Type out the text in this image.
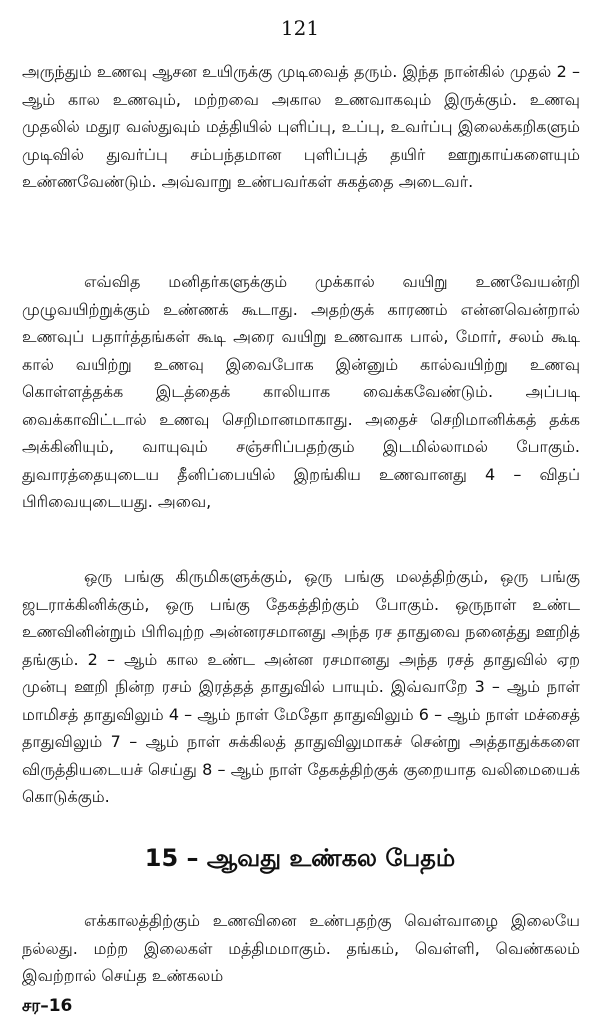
121

அருந்தும் உணவு ஆசன உயிருக்கு முடிவைத் தரும். இந்த நான்கில் முதல் 2 – ஆம் கால உணவும், மற்றவை அகால உணவாகவும் இருக்கும். உணவு முதலில் மதுர வஸ்துவும் மத்தியில் புளிப்பு, உப்பு, உவர்ப்பு இலைக்கறிகளும் முடிவில் துவர்ப்பு சம்பந்தமான புளிப்புத் தயிர் ஊறுகாய்களையும் உண்ணவேண்டும். அவ்வாறு உண்பவர்கள் சுகத்தை அடைவர்.

எவ்வித மனிதர்களுக்கும் முக்கால் வயிறு உணவேயன்றி முழுவயிற்றுக்கும் உண்ணக் கூடாது. அதற்குக் காரணம் என்னவென்றால் உணவுப் பதார்த்தங்கள் கூடி அரை வயிறு உணவாக பால், மோர், சலம் கூடி கால் வயிற்று உணவு இவைபோக இன்னும் கால்வயிற்று உணவு கொள்ளத்தக்க இடத்தைக் காலியாக வைக்கவேண்டும். அப்படி வைக்காவிட்டால் உணவு செறிமானமாகாது. அதைச் செறிமானிக்கத் தக்க அக்கினியும், வாயுவும் சஞ்சரிப்பதற்கும் இடமில்லாமல் போகும். துவாரத்தையுடைய தீனிப்பையில் இறங்கிய உணவானது 4 – விதப் பிரிவையுடையது. அவை,

ஒரு பங்கு கிருமிகளுக்கும், ஒரு பங்கு மலத்திற்கும், ஒரு பங்கு ஜடராக்கினிக்கும், ஒரு பங்கு தேகத்திற்கும் போகும். ஒருநாள் உண்ட உணவினின்றும் பிரிவுற்ற அன்னரசமானது அந்த ரச தாதுவை நனைத்து ஊறித் தங்கும். 2 – ஆம் கால உண்ட அன்ன ரசமானது அந்த ரசத் தாதுவில் ஏற முன்பு ஊறி நின்ற ரசம் இரத்தத் தாதுவில் பாயும். இவ்வாறே 3 – ஆம் நாள் மாமிசத் தாதுவிலும் 4 – ஆம் நாள் மேதோ தாதுவிலும் 6 – ஆம் நாள் மச்சைத் தாதுவிலும் 7 – ஆம் நாள் சுக்கிலத் தாதுவிலுமாகச் சென்று அத்தாதுக்களை விருத்தியடையச் செய்து 8 – ஆம் நாள் தேகத்திற்குக் குறையாத வலிமையைக் கொடுக்கும்.

15 – ஆவது உண்கல பேதம்

எக்காலத்திற்கும் உணவினை உண்பதற்கு வெள்வாழை இலையே நல்லது. மற்ற இலைகள் மத்திமமாகும். தங்கம், வெள்ளி, வெண்கலம் இவற்றால் செய்த உண்கலம்

சர–16
